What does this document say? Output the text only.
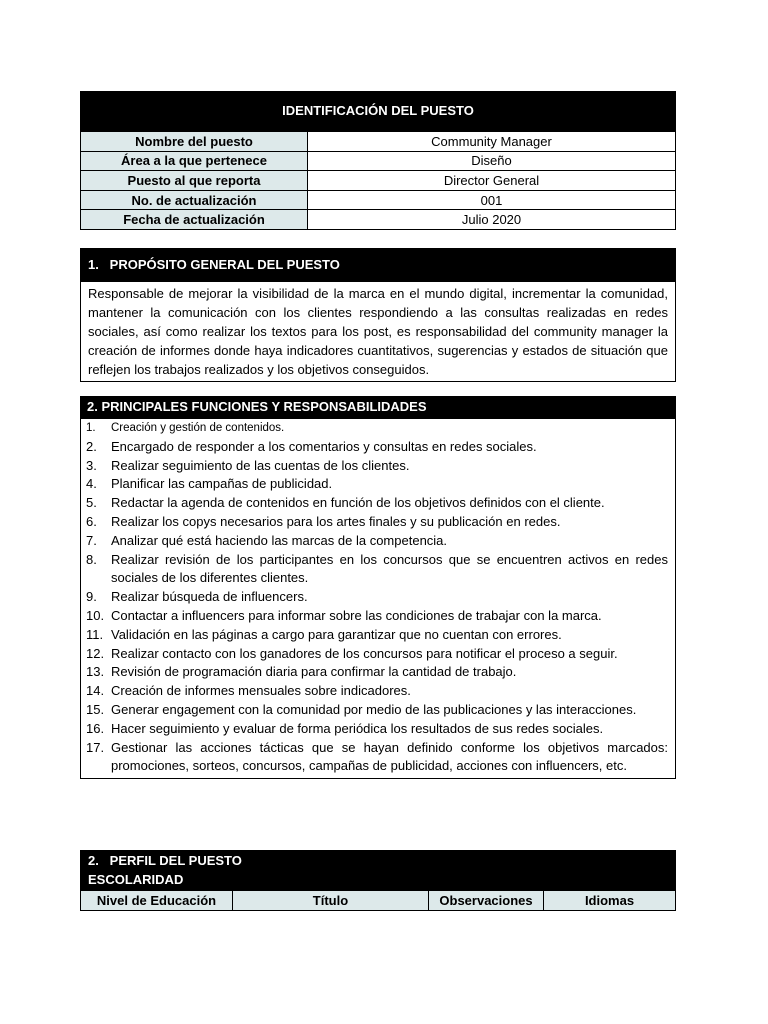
IDENTIFICACIÓN DEL PUESTO
Nombre del puesto	Community Manager
Área a la que pertenece	Diseño
Puesto al que reporta	Director General
No. de actualización	001
Fecha de actualización	Julio 2020
1.   PROPÓSITO GENERAL DEL PUESTO
Responsable de mejorar la visibilidad de la marca en el mundo digital, incrementar la comunidad, mantener la comunicación con los clientes respondiendo a las consultas realizadas en redes sociales, así como realizar los textos para los post, es responsabilidad del community manager la creación de informes donde haya indicadores cuantitativos, sugerencias y estados de situación que reflejen los trabajos realizados y los objetivos conseguidos.
2. PRINCIPALES FUNCIONES Y RESPONSABILIDADES
1.	Creación y gestión de contenidos.
2.	Encargado de responder a los comentarios y consultas en redes sociales.
3.	Realizar seguimiento de las cuentas de los clientes.
4.	Planificar las campañas de publicidad.
5.	Redactar la agenda de contenidos en función de los objetivos definidos con el cliente.
6.	Realizar los copys necesarios para los artes finales y su publicación en redes.
7.	Analizar qué está haciendo las marcas de la competencia.
8.	Realizar revisión de los participantes en los concursos que se encuentren activos en redes sociales de los diferentes clientes.
9.	Realizar búsqueda de influencers.
10. Contactar a influencers para informar sobre las condiciones de trabajar con la marca.
11. Validación en las páginas a cargo para garantizar que no cuentan con errores.
12. Realizar contacto con los ganadores de los concursos para notificar el proceso a seguir.
13. Revisión de programación diaria para confirmar la cantidad de trabajo.
14. Creación de informes mensuales sobre indicadores.
15. Generar engagement con la comunidad por medio de las publicaciones y las interacciones.
16. Hacer seguimiento y evaluar de forma periódica los resultados de sus redes sociales.
17. Gestionar las acciones tácticas que se hayan definido conforme los objetivos marcados: promociones, sorteos, concursos, campañas de publicidad, acciones con influencers, etc.
2.   PERFIL DEL PUESTO
ESCOLARIDAD
Nivel de Educación	Título	Observaciones	Idiomas
